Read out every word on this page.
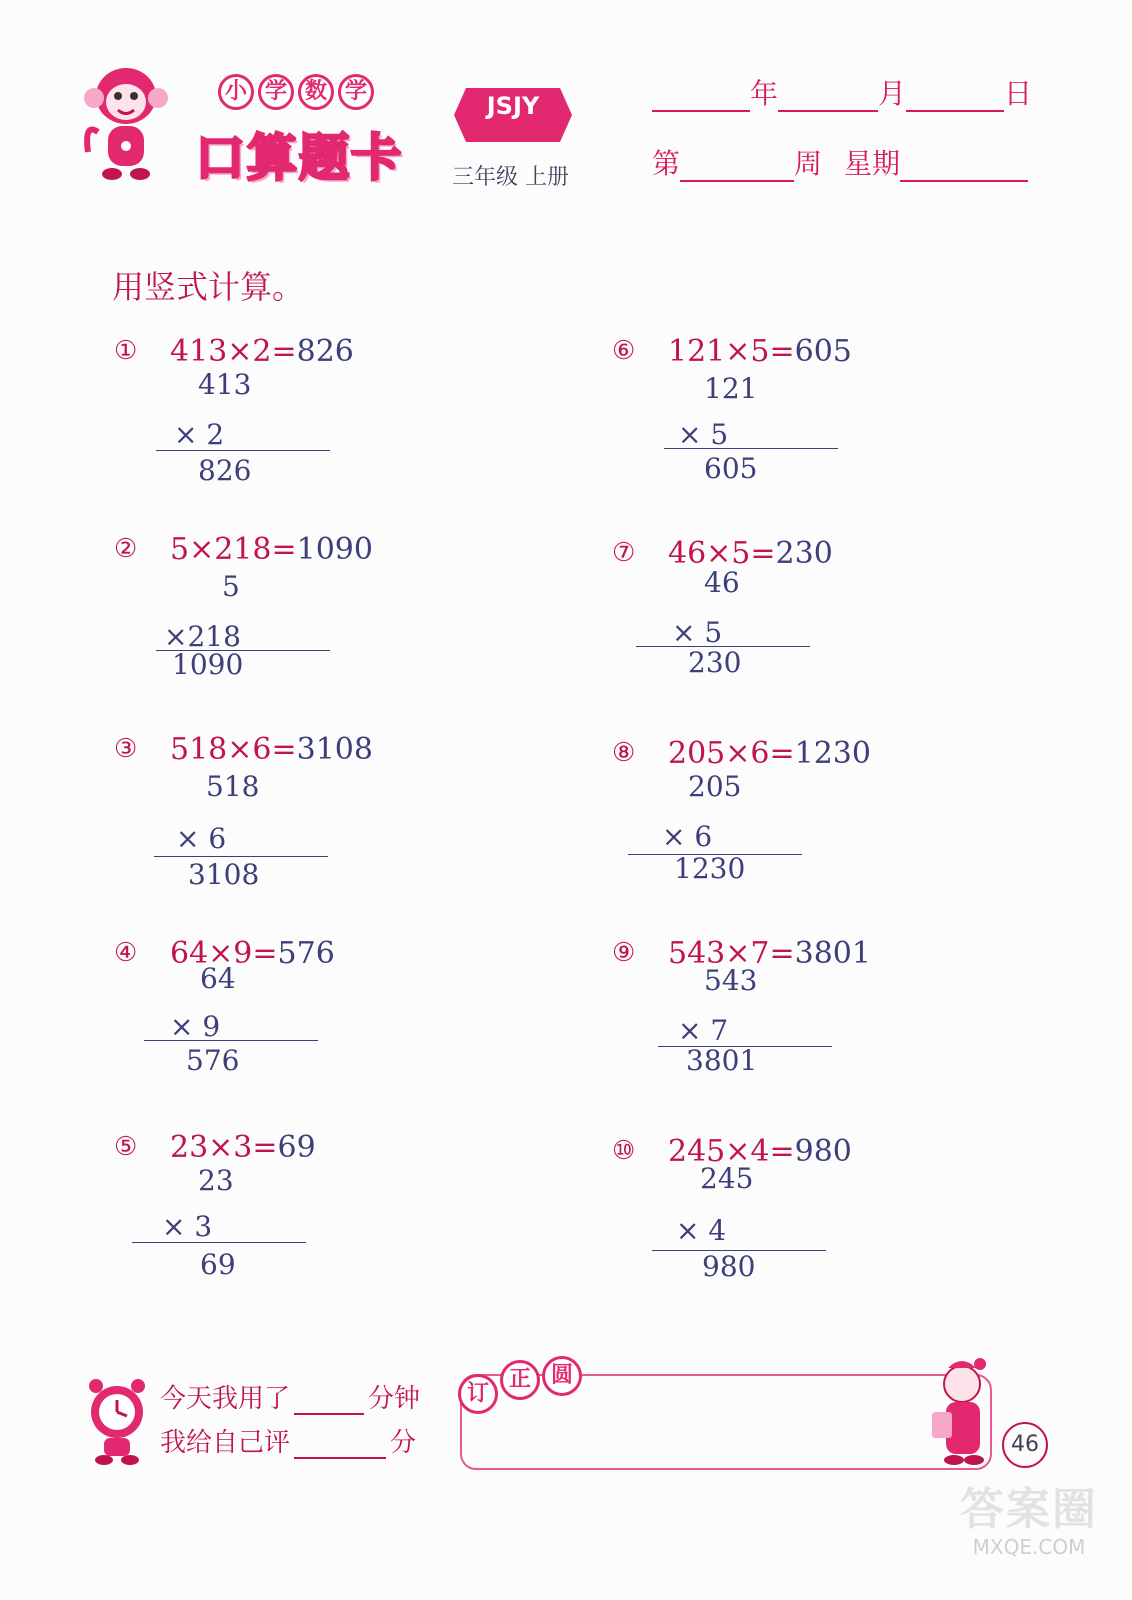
小 学 数 学
口算题卡
JSJY
三年级 上册
年	月	日
第	周 星期
用竖式计算。
① 413×2=826
413
× 2
826
② 5×218=1090
5
×218
1090
③ 518×6=3108
518
× 6
3108
④ 64×9=576
64
× 9
576
⑤ 23×3=69
23
× 3
69
⑥ 121×5=605
121
× 5
605
⑦ 46×5=230
46
× 5
230
⑧ 205×6=1230
205
× 6
1230
⑨ 543×7=3801
543
× 7
3801
⑩ 245×4=980
245
× 4
980
今天我用了	分钟
我给自己评	分
订
正 圆
46
答案圈
MXQE.COM
